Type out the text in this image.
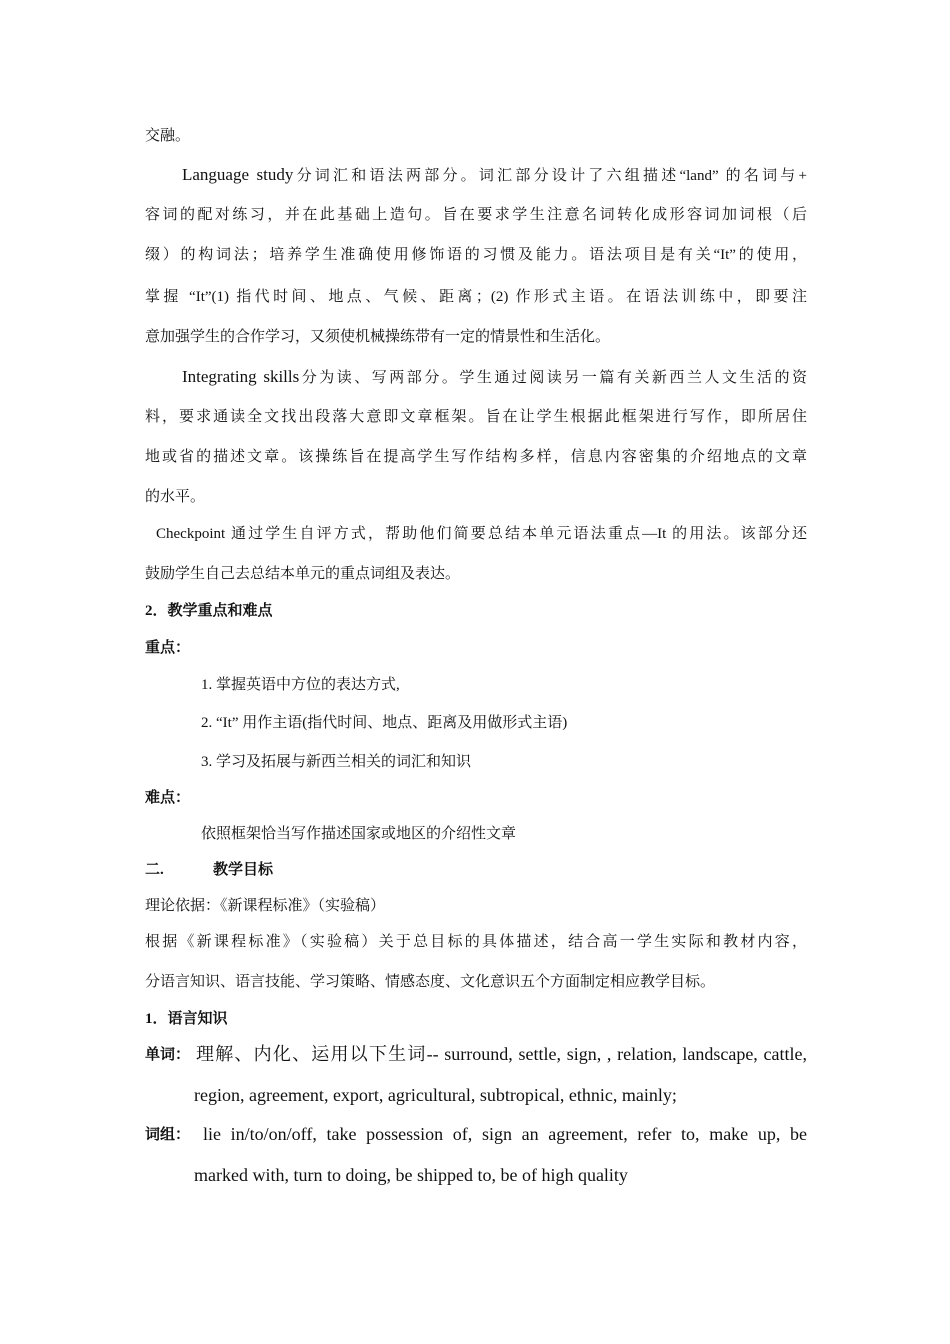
交融。
Language study分词汇和语法两部分。词汇部分设计了六组描述“land” 的名词与+
容词的配对练习，并在此基础上造句。旨在要求学生注意名词转化成形容词加词根（后
缀）的构词法；培养学生准确使用修饰语的习惯及能力。语法项目是有关“It”的使用，
掌握 “It”(1) 指代时间、地点、气候、距离；(2) 作形式主语。在语法训练中，即要注
意加强学生的合作学习，又须使机械操练带有一定的情景性和生活化。
Integrating skills分为读、写两部分。学生通过阅读另一篇有关新西兰人文生活的资
料，要求通读全文找出段落大意即文章框架。旨在让学生根据此框架进行写作，即所居住
地或省的描述文章。该操练旨在提高学生写作结构多样，信息内容密集的介绍地点的文章
的水平。
Checkpoint 通过学生自评方式，帮助他们简要总结本单元语法重点—It 的用法。该部分还
鼓励学生自己去总结本单元的重点词组及表达。
2．教学重点和难点
重点：
1. 掌握英语中方位的表达方式,
2. “It” 用作主语(指代时间、地点、距离及用做形式主语)
3. 学习及拓展与新西兰相关的词汇和知识
难点：
依照框架恰当写作描述国家或地区的介绍性文章
二.	教学目标
理论依据：《新课程标准》（实验稿）
根据《新课程标准》（实验稿）关于总目标的具体描述，结合高一学生实际和教材内容，
分语言知识、语言技能、学习策略、情感态度、文化意识五个方面制定相应教学目标。
1．语言知识
单词： 理解、内化、运用以下生词-- surround, settle, sign, , relation, landscape, cattle,
region, agreement, export, agricultural, subtropical, ethnic, mainly;
词组： lie in/to/on/off, take possession of, sign an agreement, refer to, make up, be
marked with, turn to doing, be shipped to, be of high quality
